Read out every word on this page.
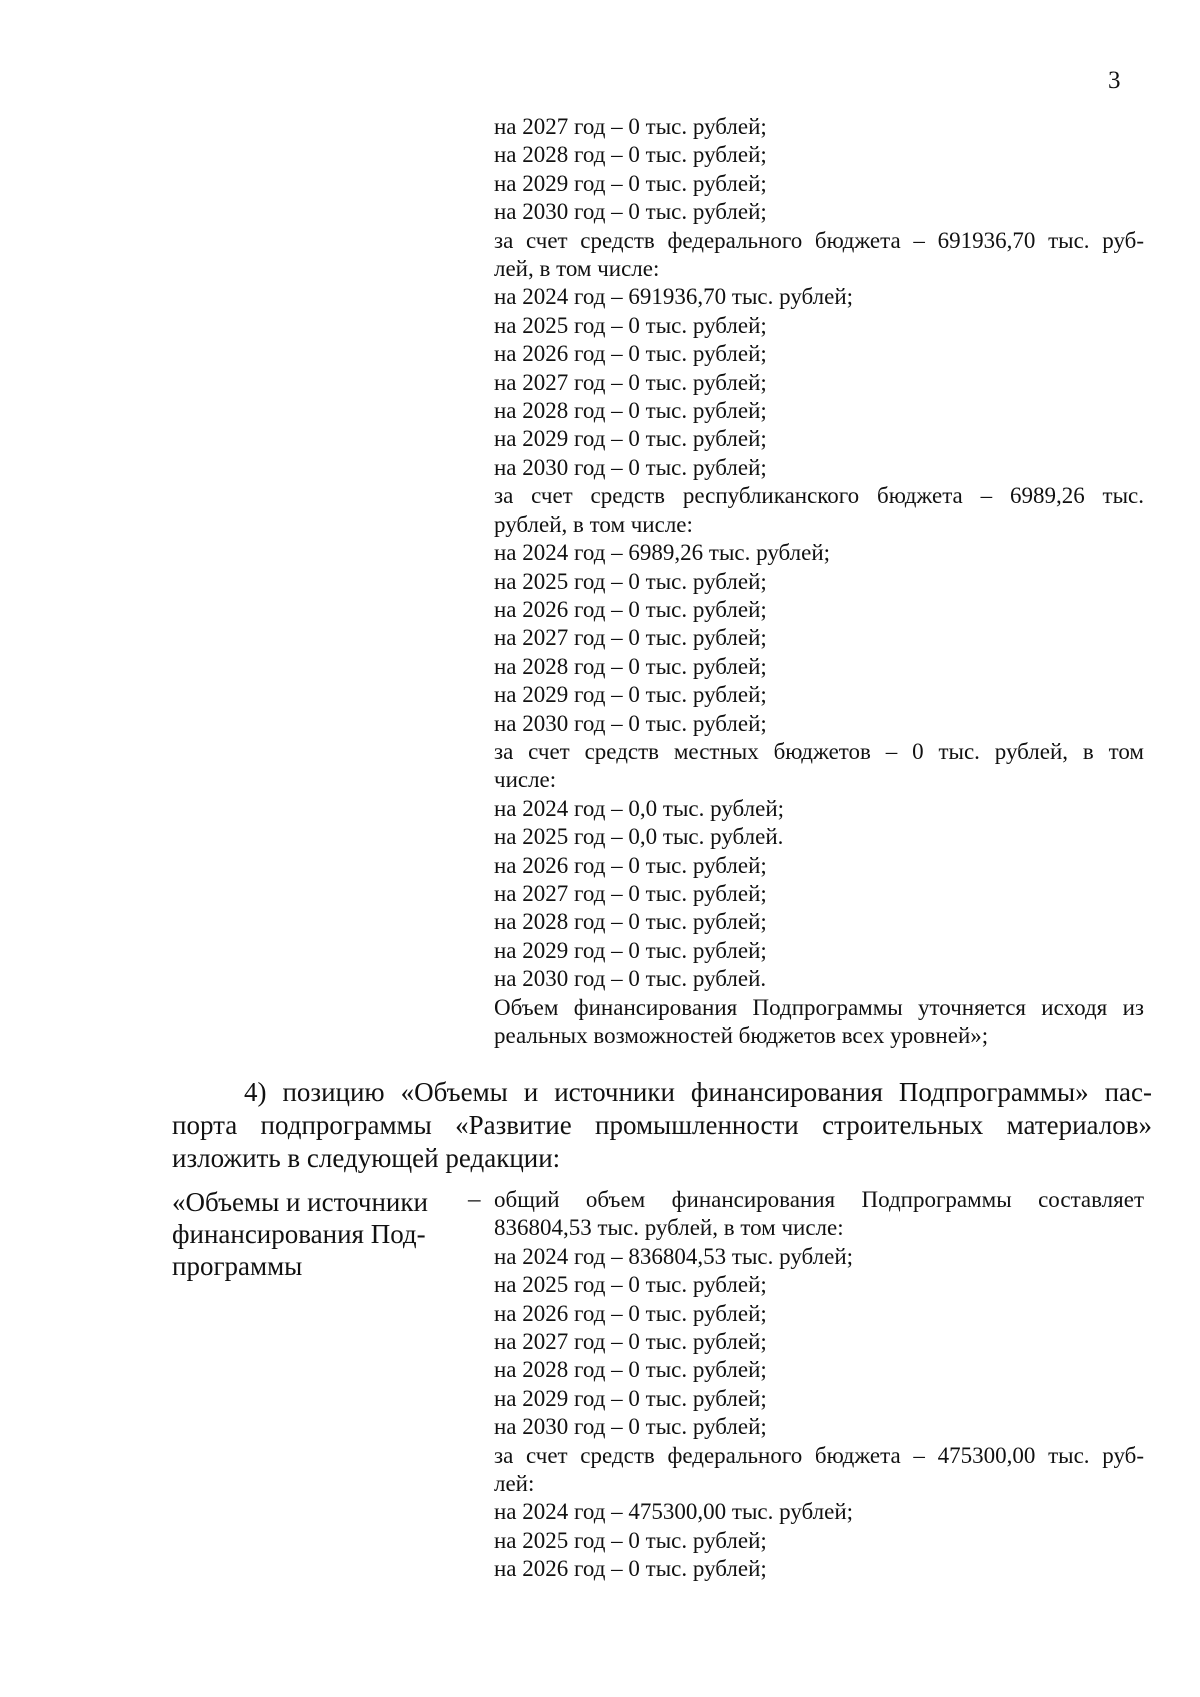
3
на 2027 год – 0 тыс. рублей;
на 2028 год – 0 тыс. рублей;
на 2029 год – 0 тыс. рублей;
на 2030 год – 0 тыс. рублей;
за счет средств федерального бюджета – 691936,70 тыс. руб-
лей, в том числе:
на 2024 год – 691936,70 тыс. рублей;
на 2025 год – 0 тыс. рублей;
на 2026 год – 0 тыс. рублей;
на 2027 год – 0 тыс. рублей;
на 2028 год – 0 тыс. рублей;
на 2029 год – 0 тыс. рублей;
на 2030 год – 0 тыс. рублей;
за счет средств республиканского бюджета – 6989,26 тыс.
рублей, в том числе:
на 2024 год – 6989,26 тыс. рублей;
на 2025 год – 0 тыс. рублей;
на 2026 год – 0 тыс. рублей;
на 2027 год – 0 тыс. рублей;
на 2028 год – 0 тыс. рублей;
на 2029 год – 0 тыс. рублей;
на 2030 год – 0 тыс. рублей;
за счет средств местных бюджетов – 0 тыс. рублей, в том
числе:
на 2024 год – 0,0 тыс. рублей;
на 2025 год – 0,0 тыс. рублей.
на 2026 год – 0 тыс. рублей;
на 2027 год – 0 тыс. рублей;
на 2028 год – 0 тыс. рублей;
на 2029 год – 0 тыс. рублей;
на 2030 год – 0 тыс. рублей.
Объем финансирования Подпрограммы уточняется исходя из
реальных возможностей бюджетов всех уровней»;
4) позицию «Объемы и источники финансирования Подпрограммы» пас-
порта подпрограммы «Развитие промышленности строительных материалов»
изложить в следующей редакции:
«Объемы и источники
финансирования Под-
программы
– общий объем финансирования Подпрограммы составляет
836804,53 тыс. рублей, в том числе:
на 2024 год – 836804,53 тыс. рублей;
на 2025 год – 0 тыс. рублей;
на 2026 год – 0 тыс. рублей;
на 2027 год – 0 тыс. рублей;
на 2028 год – 0 тыс. рублей;
на 2029 год – 0 тыс. рублей;
на 2030 год – 0 тыс. рублей;
за счет средств федерального бюджета – 475300,00 тыс. руб-
лей:
на 2024 год – 475300,00 тыс. рублей;
на 2025 год – 0 тыс. рублей;
на 2026 год – 0 тыс. рублей;
